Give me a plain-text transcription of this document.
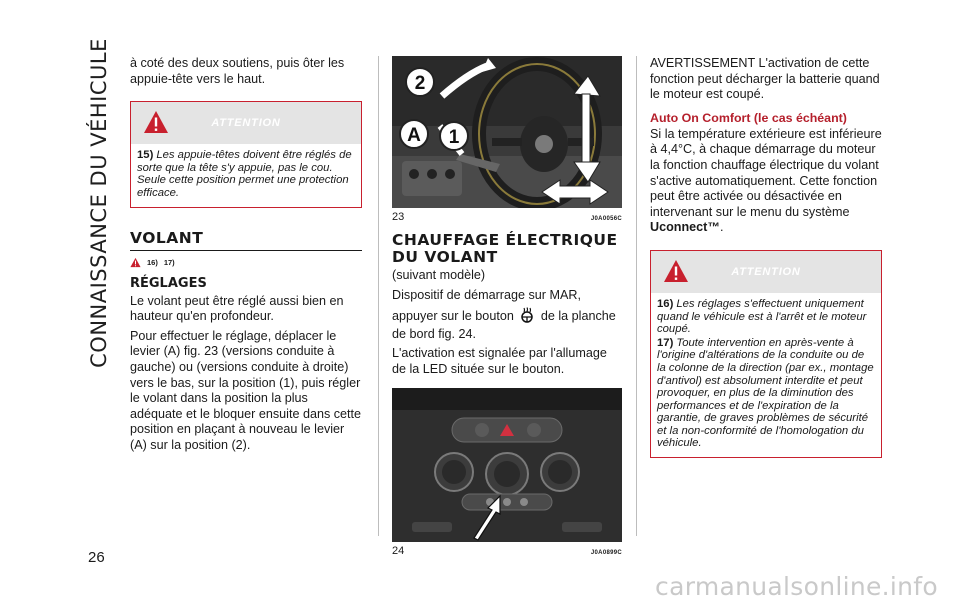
CONNAISSANCE DU VÉHICULE
26

à coté des deux soutiens, puis ôter les appuie-tête vers le haut.

ATTENTION
15) Les appuie-têtes doivent être réglés de sorte que la tête s'y appuie, pas le cou. Seule cette position permet une protection efficace.
VOLANT
16) 17)
RÉGLAGES

Le volant peut être réglé aussi bien en hauteur qu'en profondeur.

Pour effectuer le réglage, déplacer le levier (A) fig. 23 (versions conduite à gauche) ou (versions conduite à droite) vers le bas, sur la position (1), puis régler le volant dans la position la plus adéquate et le bloquer ensuite dans cette position en plaçant à nouveau le levier (A) sur la position (2).

2
A 1
23	J0A0056C
CHAUFFAGE ÉLECTRIQUE DU VOLANT

(suivant modèle)

Dispositif de démarrage sur MAR,

appuyer sur le bouton de la planche

de bord fig. 24.

L'activation est signalée par l'allumage de la LED située sur le bouton.

24	J0A0899C

AVERTISSEMENT L'activation de cette fonction peut décharger la batterie quand le moteur est coupé.

Auto On Comfort (le cas échéant)

Si la température extérieure est inférieure à 4,4°C, à chaque démarrage du moteur la fonction chauffage électrique du volant s'active automatiquement. Cette fonction peut être activée ou désactivée en intervenant sur le menu du système Uconnect™.

ATTENTION
16) Les réglages s'effectuent uniquement quand le véhicule est à l'arrêt et le moteur coupé.
17) Toute intervention en après-vente à l'origine d'altérations de la conduite ou de la colonne de la direction (par ex., montage d'antivol) est absolument interdite et peut provoquer, en plus de la diminution des performances et de l'expiration de la garantie, de graves problèmes de sécurité et la non-conformité de l'homologation du véhicule.
carmanualsonline.info
